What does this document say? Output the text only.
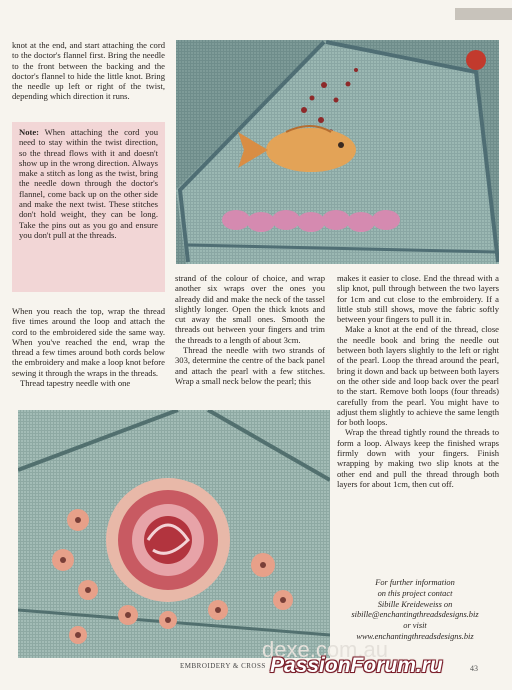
knot at the end, and start attaching the cord to the doctor's flannel first. Bring the needle to the front between the backing and the doctor's flannel to hide the little knot. Bring the needle up left or right of the twist, depending which direction it runs.

Note: When attaching the cord you need to stay within the twist direction, so the thread flows with it and doesn't show up in the wrong direction. Always make a stitch as long as the twist, bring the needle down through the doctor's flannel, come back up on the other side and make the next twist. These stitches don't hold weight, they can be long. Take the pins out as you go and ensure you don't pull at the threads.

When you reach the top, wrap the thread five times around the loop and attach the cord to the embroidered side the same way. When you've reached the end, wrap the thread a few times around both cords below the embroidery and make a loop knot before sewing it through the wraps in the threads.

Thread tapestry needle with one

strand of the colour of choice, and wrap another six wraps over the ones you already did and make the neck of the tassel slightly longer. Open the thick knots and cut away the small ones. Smooth the threads out between your fingers and trim the threads to a length of about 3cm.

Thread the needle with two strands of 303, determine the centre of the back panel and attach the pearl with a few stitches. Wrap a small neck below the pearl; this

makes it easier to close. End the thread with a slip knot, pull through between the two layers for 1cm and cut close to the embroidery. If a little stub still shows, move the fabric softly between your fingers to pull it in.

Make a knot at the end of the thread, close the needle book and bring the needle out between both layers slightly to the left or right of the pearl. Loop the thread around the pearl, bring it down and back up between both layers on the other side and loop back over the pearl to the start. Remove both loops (four threads) carefully from the pearl. You might have to adjust them slightly to achieve the same length for both loops.

Wrap the thread tightly round the threads to form a loop. Always keep the finished wraps firmly down with your fingers. Finish wrapping by making two slip knots at the other end and pull the thread through both layers for about 1cm, then cut off.

For further information
on this project contact
Sibille Kreideweiss on
sibille@enchantingthreadsdesigns.biz
or visit
www.enchantingthreadsdesigns.biz
dexe.com.au
EMBROIDERY & CROSS PassionForum.ru	43
